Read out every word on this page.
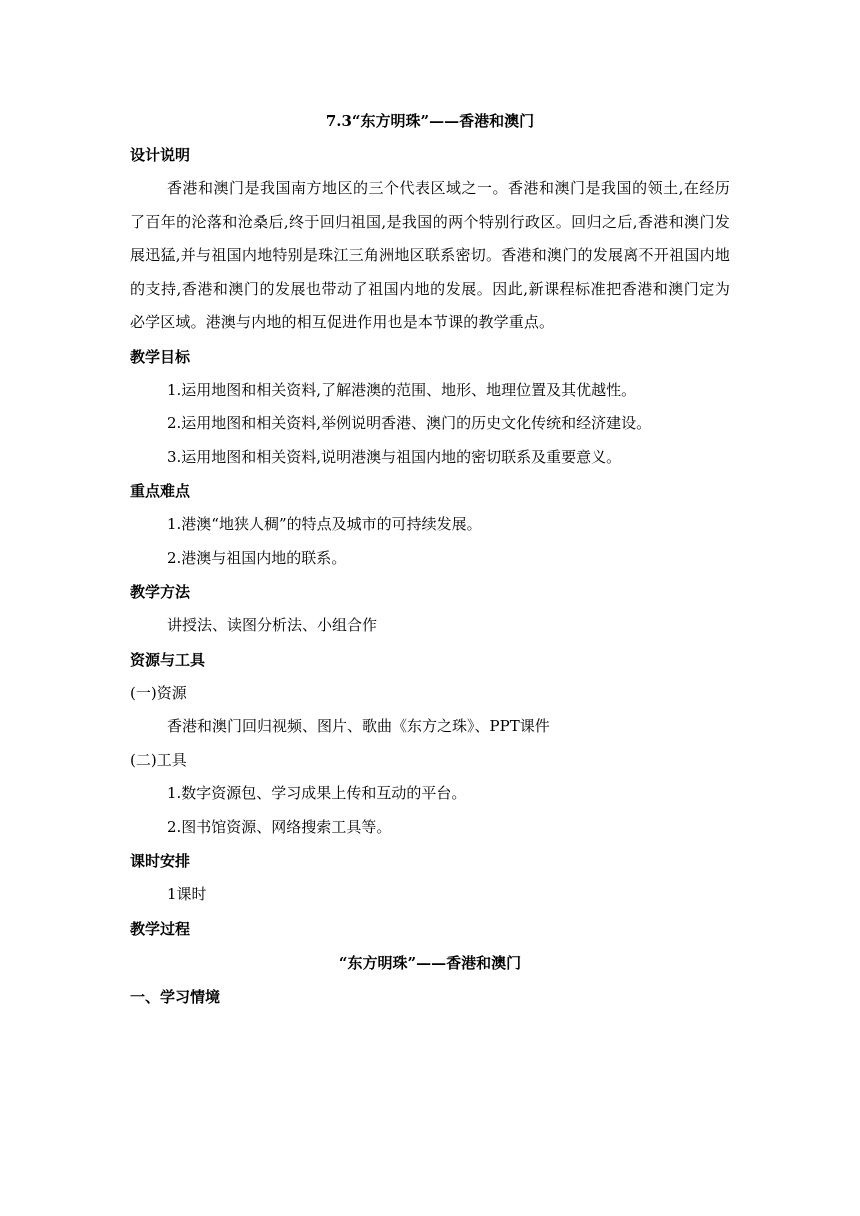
7.3“东方明珠”——香港和澳门
设计说明

香港和澳门是我国南方地区的三个代表区域之一。香港和澳门是我国的领土,在经历了百年的沦落和沧桑后,终于回归祖国,是我国的两个特别行政区。回归之后,香港和澳门发展迅猛,并与祖国内地特别是珠江三角洲地区联系密切。香港和澳门的发展离不开祖国内地的支持,香港和澳门的发展也带动了祖国内地的发展。因此,新课程标准把香港和澳门定为必学区域。港澳与内地的相互促进作用也是本节课的教学重点。

教学目标
1.运用地图和相关资料,了解港澳的范围、地形、地理位置及其优越性。
2.运用地图和相关资料,举例说明香港、澳门的历史文化传统和经济建设。
3.运用地图和相关资料,说明港澳与祖国内地的密切联系及重要意义。
重点难点
1.港澳“地狭人稠”的特点及城市的可持续发展。
2.港澳与祖国内地的联系。
教学方法
讲授法、读图分析法、小组合作
资源与工具
(一)资源
香港和澳门回归视频、图片、歌曲《东方之珠》、PPT课件
(二)工具
1.数字资源包、学习成果上传和互动的平台。
2.图书馆资源、网络搜索工具等。
课时安排
1课时
教学过程
“东方明珠”——香港和澳门
一、学习情境
